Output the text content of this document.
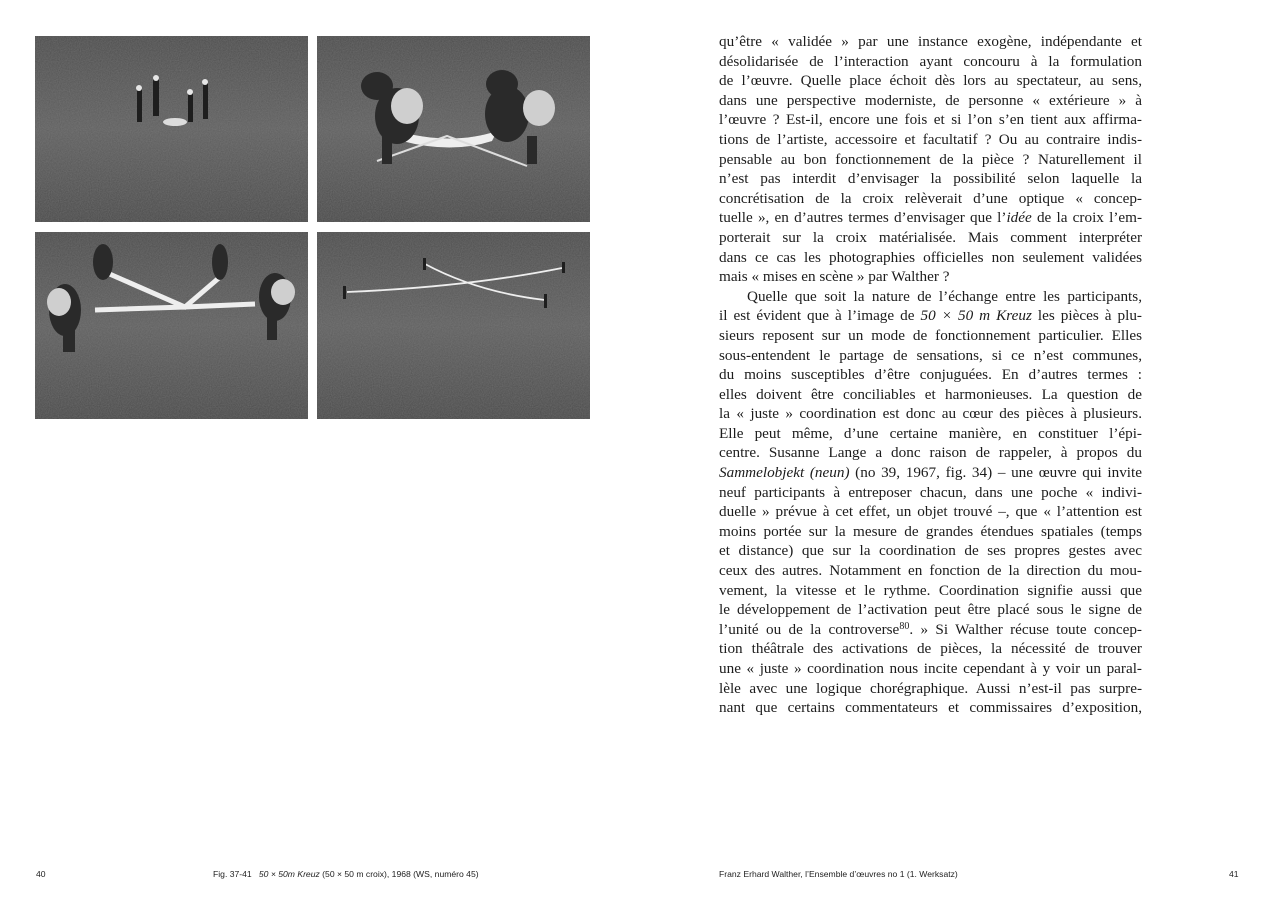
qu’être « validée » par une instance exogène, indépendante et
désolidarisée de l’interaction ayant concouru à la formulation
de l’œuvre. Quelle place échoit dès lors au spectateur, au sens,
dans une perspective moderniste, de personne « extérieure » à
l’œuvre ? Est-il, encore une fois et si l’on s’en tient aux affirma-
tions de l’artiste, accessoire et facultatif ? Ou au contraire indis-
pensable au bon fonctionnement de la pièce ? Naturellement il
n’est pas interdit d’envisager la possibilité selon laquelle la
concrétisation de la croix relèverait d’une optique « concep-
tuelle », en d’autres termes d’envisager que l’idée de la croix l’em-
porterait sur la croix matérialisée. Mais comment interpréter
dans ce cas les photographies officielles non seulement validées
mais « mises en scène » par Walther ?
Quelle que soit la nature de l’échange entre les participants,
il est évident que à l’image de 50 × 50 m Kreuz les pièces à plu-
sieurs reposent sur un mode de fonctionnement particulier. Elles
sous-entendent le partage de sensations, si ce n’est communes,
du moins susceptibles d’être conjuguées. En d’autres termes :
elles doivent être conciliables et harmonieuses. La question de
la « juste » coordination est donc au cœur des pièces à plusieurs.
Elle peut même, d’une certaine manière, en constituer l’épi-
centre. Susanne Lange a donc raison de rappeler, à propos du
Sammelobjekt (neun) (no 39, 1967, fig. 34) – une œuvre qui invite
neuf participants à entreposer chacun, dans une poche « indivi-
duelle » prévue à cet effet, un objet trouvé –, que « l’attention est
moins portée sur la mesure de grandes étendues spatiales (temps
et distance) que sur la coordination de ses propres gestes avec
ceux des autres. Notamment en fonction de la direction du mou-
vement, la vitesse et le rythme. Coordination signifie aussi que
le développement de l’activation peut être placé sous le signe de
l’unité ou de la controverse$^{80}$. » Si Walther récuse toute concep-
tion théâtrale des activations de pièces, la nécessité de trouver
une « juste » coordination nous incite cependant à y voir un paral-
lèle avec une logique chorégraphique. Aussi n’est-il pas surpre-
nant que certains commentateurs et commissaires d’exposition,
40	Fig. 37-41 50 × 50m Kreuz (50 × 50 m croix), 1968 (WS, numéro 45)	Franz Erhard Walther, l’Ensemble d’œuvres no 1 (1. Werksatz)	41
